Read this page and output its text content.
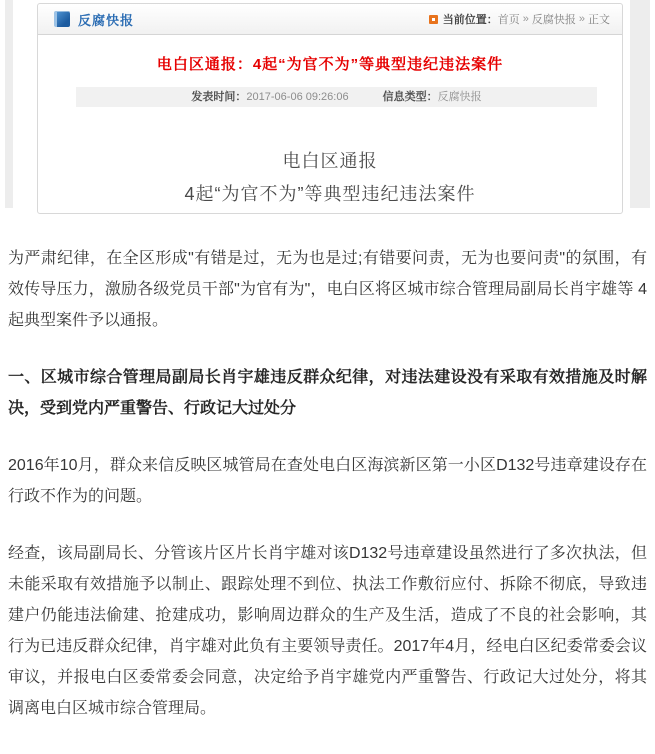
反腐快报	当前位置： 首页 » 反腐快报 » 正文
电白区通报：4起“为官不为”等典型违纪违法案件
发表时间：2017-06-06 09:26:06	信息类型：反腐快报
电白区通报
4起“为官不为”等典型违纪违法案件

为严肃纪律，在全区形成"有错是过，无为也是过;有错要问责，无为也要问责"的氛围，有效传导压力，激励各级党员干部"为官有为"，电白区将区城市综合管理局副局长肖宇雄等 4 起典型案件予以通报。

一、区城市综合管理局副局长肖宇雄违反群众纪律，对违法建设没有采取有效措施及时解决，受到党内严重警告、行政记大过处分

2016年10月，群众来信反映区城管局在查处电白区海滨新区第一小区D132号违章建设存在行政不作为的问题。

经查，该局副局长、分管该片区片长肖宇雄对该D132号违章建设虽然进行了多次执法，但未能采取有效措施予以制止、跟踪处理不到位、执法工作敷衍应付、拆除不彻底，导致违建户仍能违法偷建、抢建成功，影响周边群众的生产及生活，造成了不良的社会影响，其行为已违反群众纪律，肖宇雄对此负有主要领导责任。2017年4月，经电白区纪委常委会议审议，并报电白区委常委会同意，决定给予肖宇雄党内严重警告、行政记大过处分，将其调离电白区城市综合管理局。
